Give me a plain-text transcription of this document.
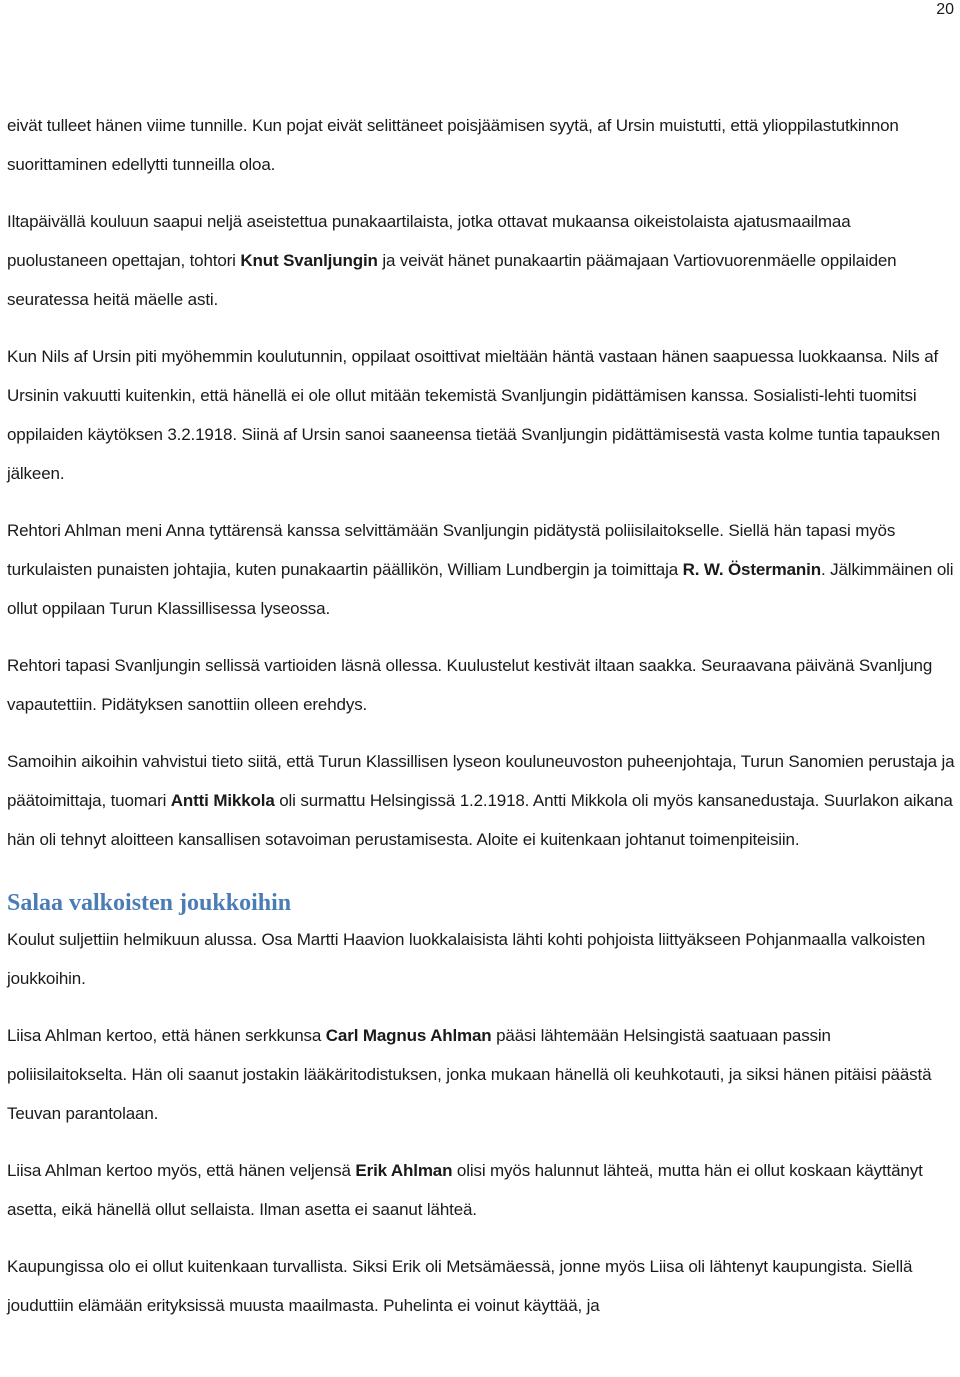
20

eivät tulleet hänen viime tunnille. Kun pojat eivät selittäneet poisjäämisen syytä, af Ursin muistutti, että ylioppilastutkinnon suorittaminen edellytti tunneilla oloa.

Iltapäivällä kouluun saapui neljä aseistettua punakaartilaista, jotka ottavat mukaansa oikeistolaista ajatusmaailmaa puolustaneen opettajan, tohtori Knut Svanljungin ja veivät hänet punakaartin päämajaan Vartiovuorenmäelle oppilaiden seuratessa heitä mäelle asti.

Kun Nils af Ursin piti myöhemmin koulutunnin, oppilaat osoittivat mieltään häntä vastaan hänen saapuessa luokkaansa. Nils af Ursinin vakuutti kuitenkin, että hänellä ei ole ollut mitään tekemistä Svanljungin pidättämisen kanssa. Sosialisti-lehti tuomitsi oppilaiden käytöksen 3.2.1918. Siinä af Ursin sanoi saaneensa tietää Svanljungin pidättämisestä vasta kolme tuntia tapauksen jälkeen.

Rehtori Ahlman meni Anna tyttärensä kanssa selvittämään Svanljungin pidätystä poliisilaitokselle. Siellä hän tapasi myös turkulaisten punaisten johtajia, kuten punakaartin päällikön, William Lundbergin ja toimittaja R. W. Östermanin. Jälkimmäinen oli ollut oppilaan Turun Klassillisessa lyseossa.

Rehtori tapasi Svanljungin sellissä vartioiden läsnä ollessa. Kuulustelut kestivät iltaan saakka. Seuraavana päivänä Svanljung vapautettiin. Pidätyksen sanottiin olleen erehdys.

Samoihin aikoihin vahvistui tieto siitä, että Turun Klassillisen lyseon kouluneuvoston puheenjohtaja, Turun Sanomien perustaja ja päätoimittaja, tuomari Antti Mikkola oli surmattu Helsingissä 1.2.1918. Antti Mikkola oli myös kansanedustaja. Suurlakon aikana hän oli tehnyt aloitteen kansallisen sotavoiman perustamisesta. Aloite ei kuitenkaan johtanut toimenpiteisiin.

Salaa valkoisten joukkoihin

Koulut suljettiin helmikuun alussa. Osa Martti Haavion luokkalaisista lähti kohti pohjoista liittyäkseen Pohjanmaalla valkoisten joukkoihin.

Liisa Ahlman kertoo, että hänen serkkunsa Carl Magnus Ahlman pääsi lähtemään Helsingistä saatuaan passin poliisilaitokselta. Hän oli saanut jostakin lääkäritodistuksen, jonka mukaan hänellä oli keuhkotauti, ja siksi hänen pitäisi päästä Teuvan parantolaan.

Liisa Ahlman kertoo myös, että hänen veljensä Erik Ahlman olisi myös halunnut lähteä, mutta hän ei ollut koskaan käyttänyt asetta, eikä hänellä ollut sellaista. Ilman asetta ei saanut lähteä.

Kaupungissa olo ei ollut kuitenkaan turvallista. Siksi Erik oli Metsämäessä, jonne myös Liisa oli lähtenyt kaupungista. Siellä jouduttiin elämään erityksissä muusta maailmasta. Puhelinta ei voinut käyttää, ja
